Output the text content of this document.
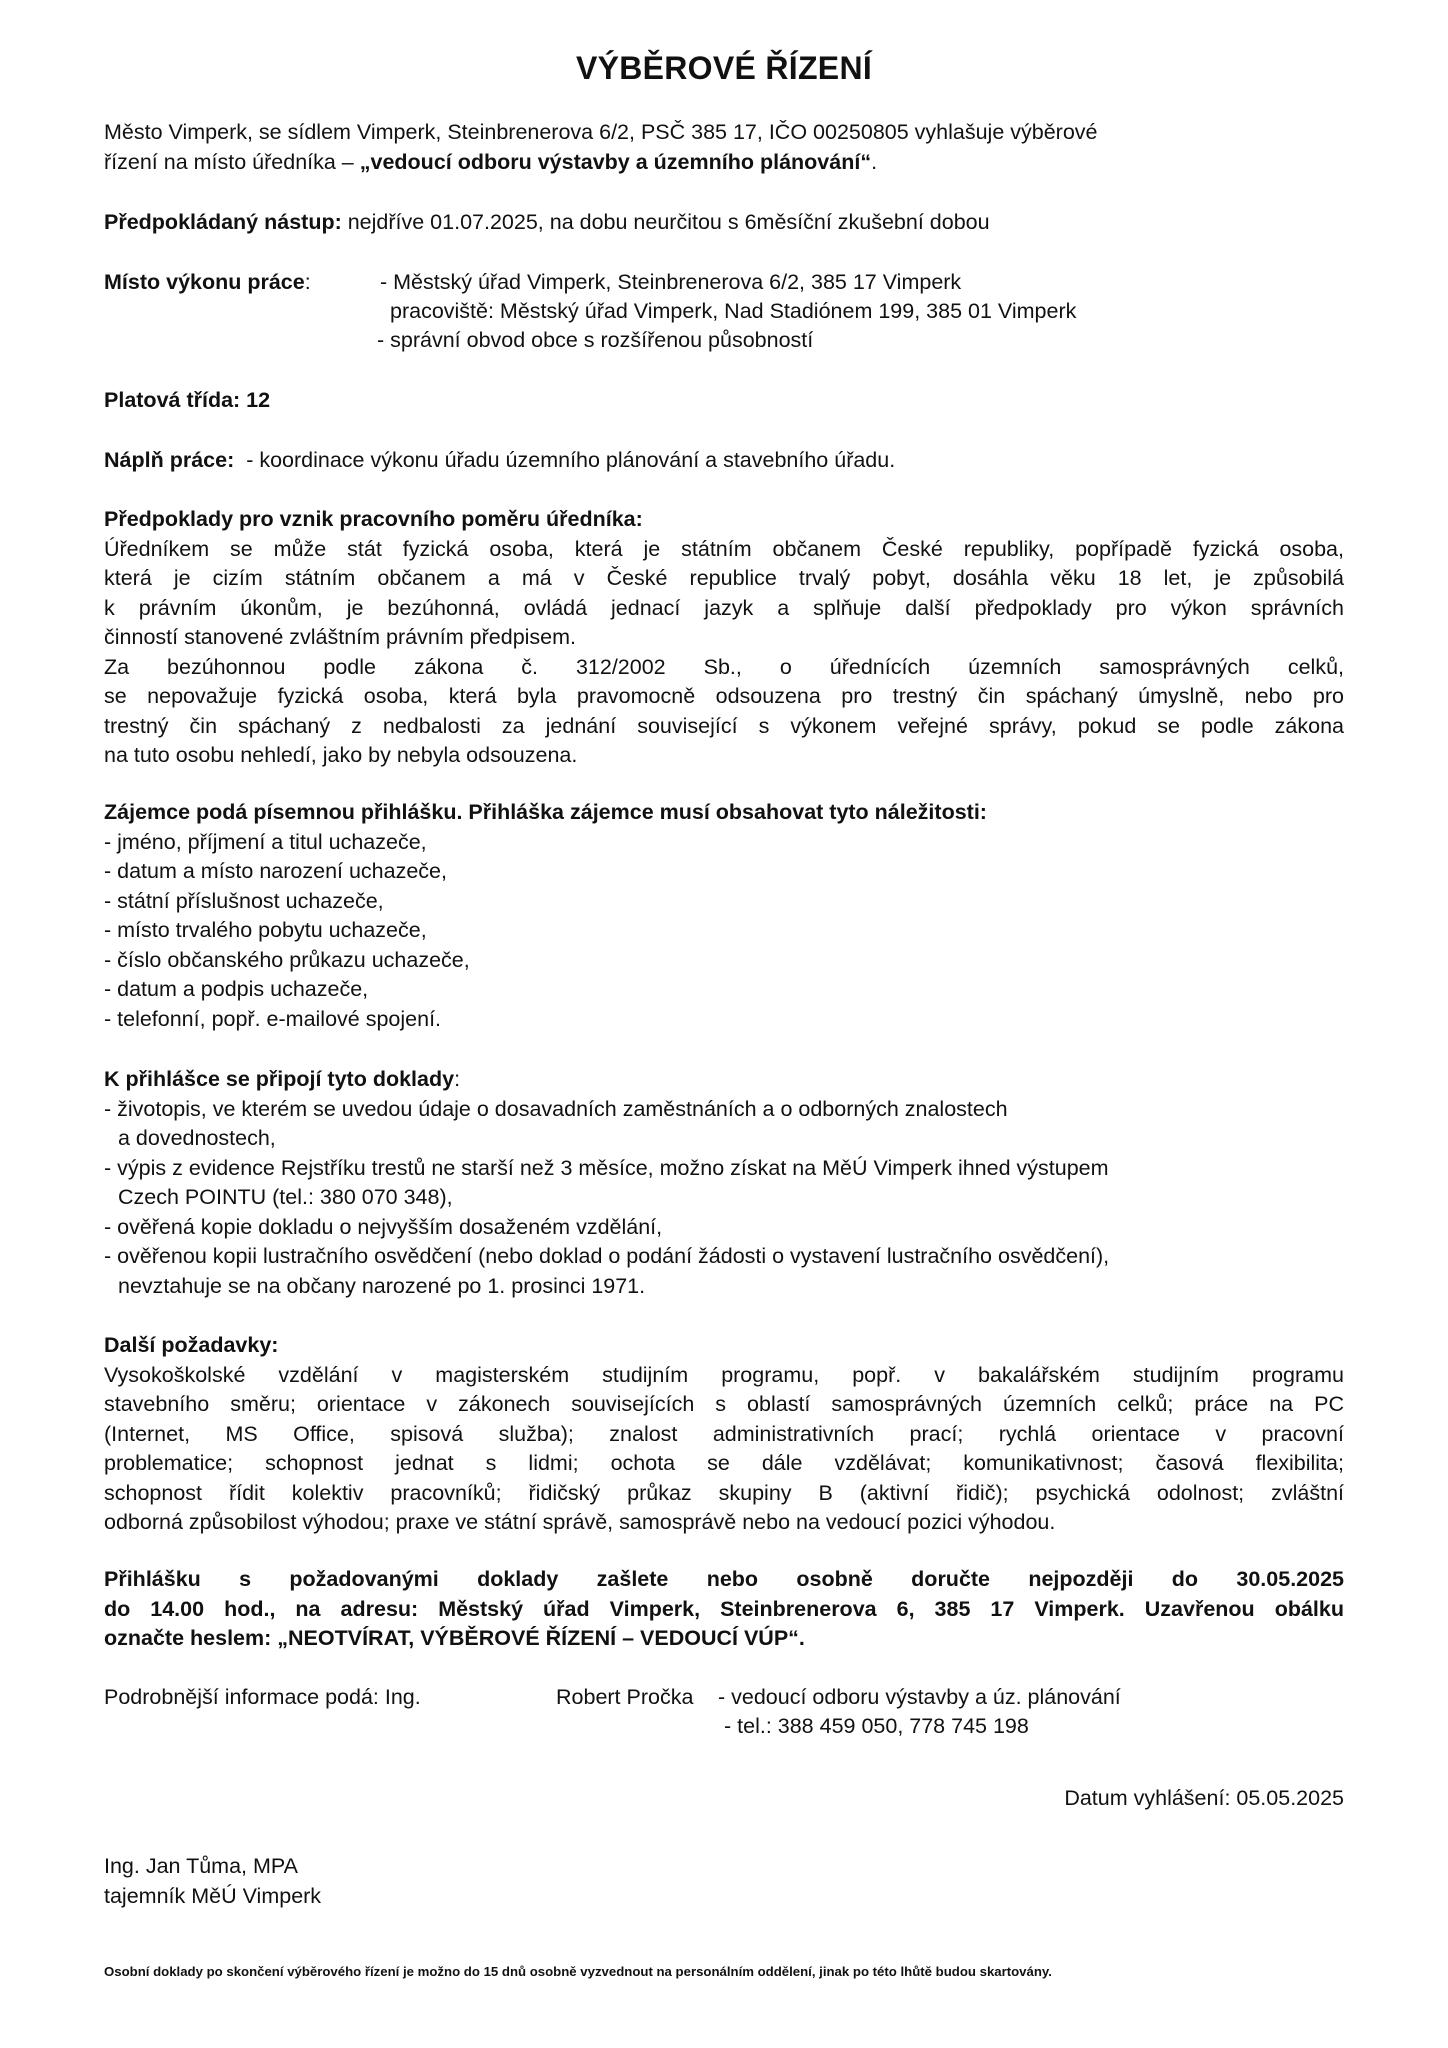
VÝBĚROVÉ ŘÍZENÍ
Město Vimperk, se sídlem Vimperk, Steinbrenerova 6/2, PSČ 385 17, IČO 00250805 vyhlašuje výběrové
řízení na místo úředníka – „vedoucí odboru výstavby a územního plánování“.
Předpokládaný nástup: nejdříve 01.07.2025, na dobu neurčitou s 6měsíční zkušební dobou
Místo výkonu práce:	- Městský úřad Vimperk, Steinbrenerova 6/2, 385 17 Vimperk
pracoviště: Městský úřad Vimperk, Nad Stadiónem 199, 385 01 Vimperk
- správní obvod obce s rozšířenou působností
Platová třída: 12
Náplň práce: - koordinace výkonu úřadu územního plánování a stavebního úřadu.
Předpoklady pro vznik pracovního poměru úředníka:
Úředníkem se může stát fyzická osoba, která je státním občanem České republiky, popřípadě fyzická osoba,
která je cizím státním občanem a má v České republice trvalý pobyt, dosáhla věku 18 let, je způsobilá
k právním úkonům, je bezúhonná, ovládá jednací jazyk a splňuje další předpoklady pro výkon správních
činností stanovené zvláštním právním předpisem.
Za bezúhonnou podle zákona č. 312/2002 Sb., o úřednících územních samosprávných celků,
se nepovažuje fyzická osoba, která byla pravomocně odsouzena pro trestný čin spáchaný úmyslně, nebo pro
trestný čin spáchaný z nedbalosti za jednání související s výkonem veřejné správy, pokud se podle zákona
na tuto osobu nehledí, jako by nebyla odsouzena.
Zájemce podá písemnou přihlášku. Přihláška zájemce musí obsahovat tyto náležitosti:
- jméno, příjmení a titul uchazeče,
- datum a místo narození uchazeče,
- státní příslušnost uchazeče,
- místo trvalého pobytu uchazeče,
- číslo občanského průkazu uchazeče,
- datum a podpis uchazeče,
- telefonní, popř. e-mailové spojení.
K přihlášce se připojí tyto doklady:
- životopis, ve kterém se uvedou údaje o dosavadních zaměstnáních a o odborných znalostech
a dovednostech,
- výpis z evidence Rejstříku trestů ne starší než 3 měsíce, možno získat na MěÚ Vimperk ihned výstupem
Czech POINTU (tel.: 380 070 348),
- ověřená kopie dokladu o nejvyšším dosaženém vzdělání,
- ověřenou kopii lustračního osvědčení (nebo doklad o podání žádosti o vystavení lustračního osvědčení),
nevztahuje se na občany narozené po 1. prosinci 1971.
Další požadavky:
Vysokoškolské vzdělání v magisterském studijním programu, popř. v bakalářském studijním programu
stavebního směru; orientace v zákonech souvisejících s oblastí samosprávných územních celků; práce na PC
(Internet, MS Office, spisová služba); znalost administrativních prací; rychlá orientace v pracovní
problematice; schopnost jednat s lidmi; ochota se dále vzdělávat; komunikativnost; časová flexibilita;
schopnost řídit kolektiv pracovníků; řidičský průkaz skupiny B (aktivní řidič); psychická odolnost; zvláštní
odborná způsobilost výhodou; praxe ve státní správě, samosprávě nebo na vedoucí pozici výhodou.
Přihlášku s požadovanými doklady zašlete nebo osobně doručte nejpozději do 30.05.2025
do 14.00 hod., na adresu: Městský úřad Vimperk, Steinbrenerova 6, 385 17 Vimperk. Uzavřenou obálku
označte heslem: „NEOTVÍRAT, VÝBĚROVÉ ŘÍZENÍ – VEDOUCÍ VÚP“.
Podrobnější informace podá: Ing.	Robert Pročka - vedoucí odboru výstavby a úz. plánování
- tel.: 388 459 050, 778 745 198
Datum vyhlášení: 05.05.2025
Ing. Jan Tůma, MPA
tajemník MěÚ Vimperk
Osobní doklady po skončení výběrového řízení je možno do 15 dnů osobně vyzvednout na personálním oddělení, jinak po této lhůtě budou skartovány.
